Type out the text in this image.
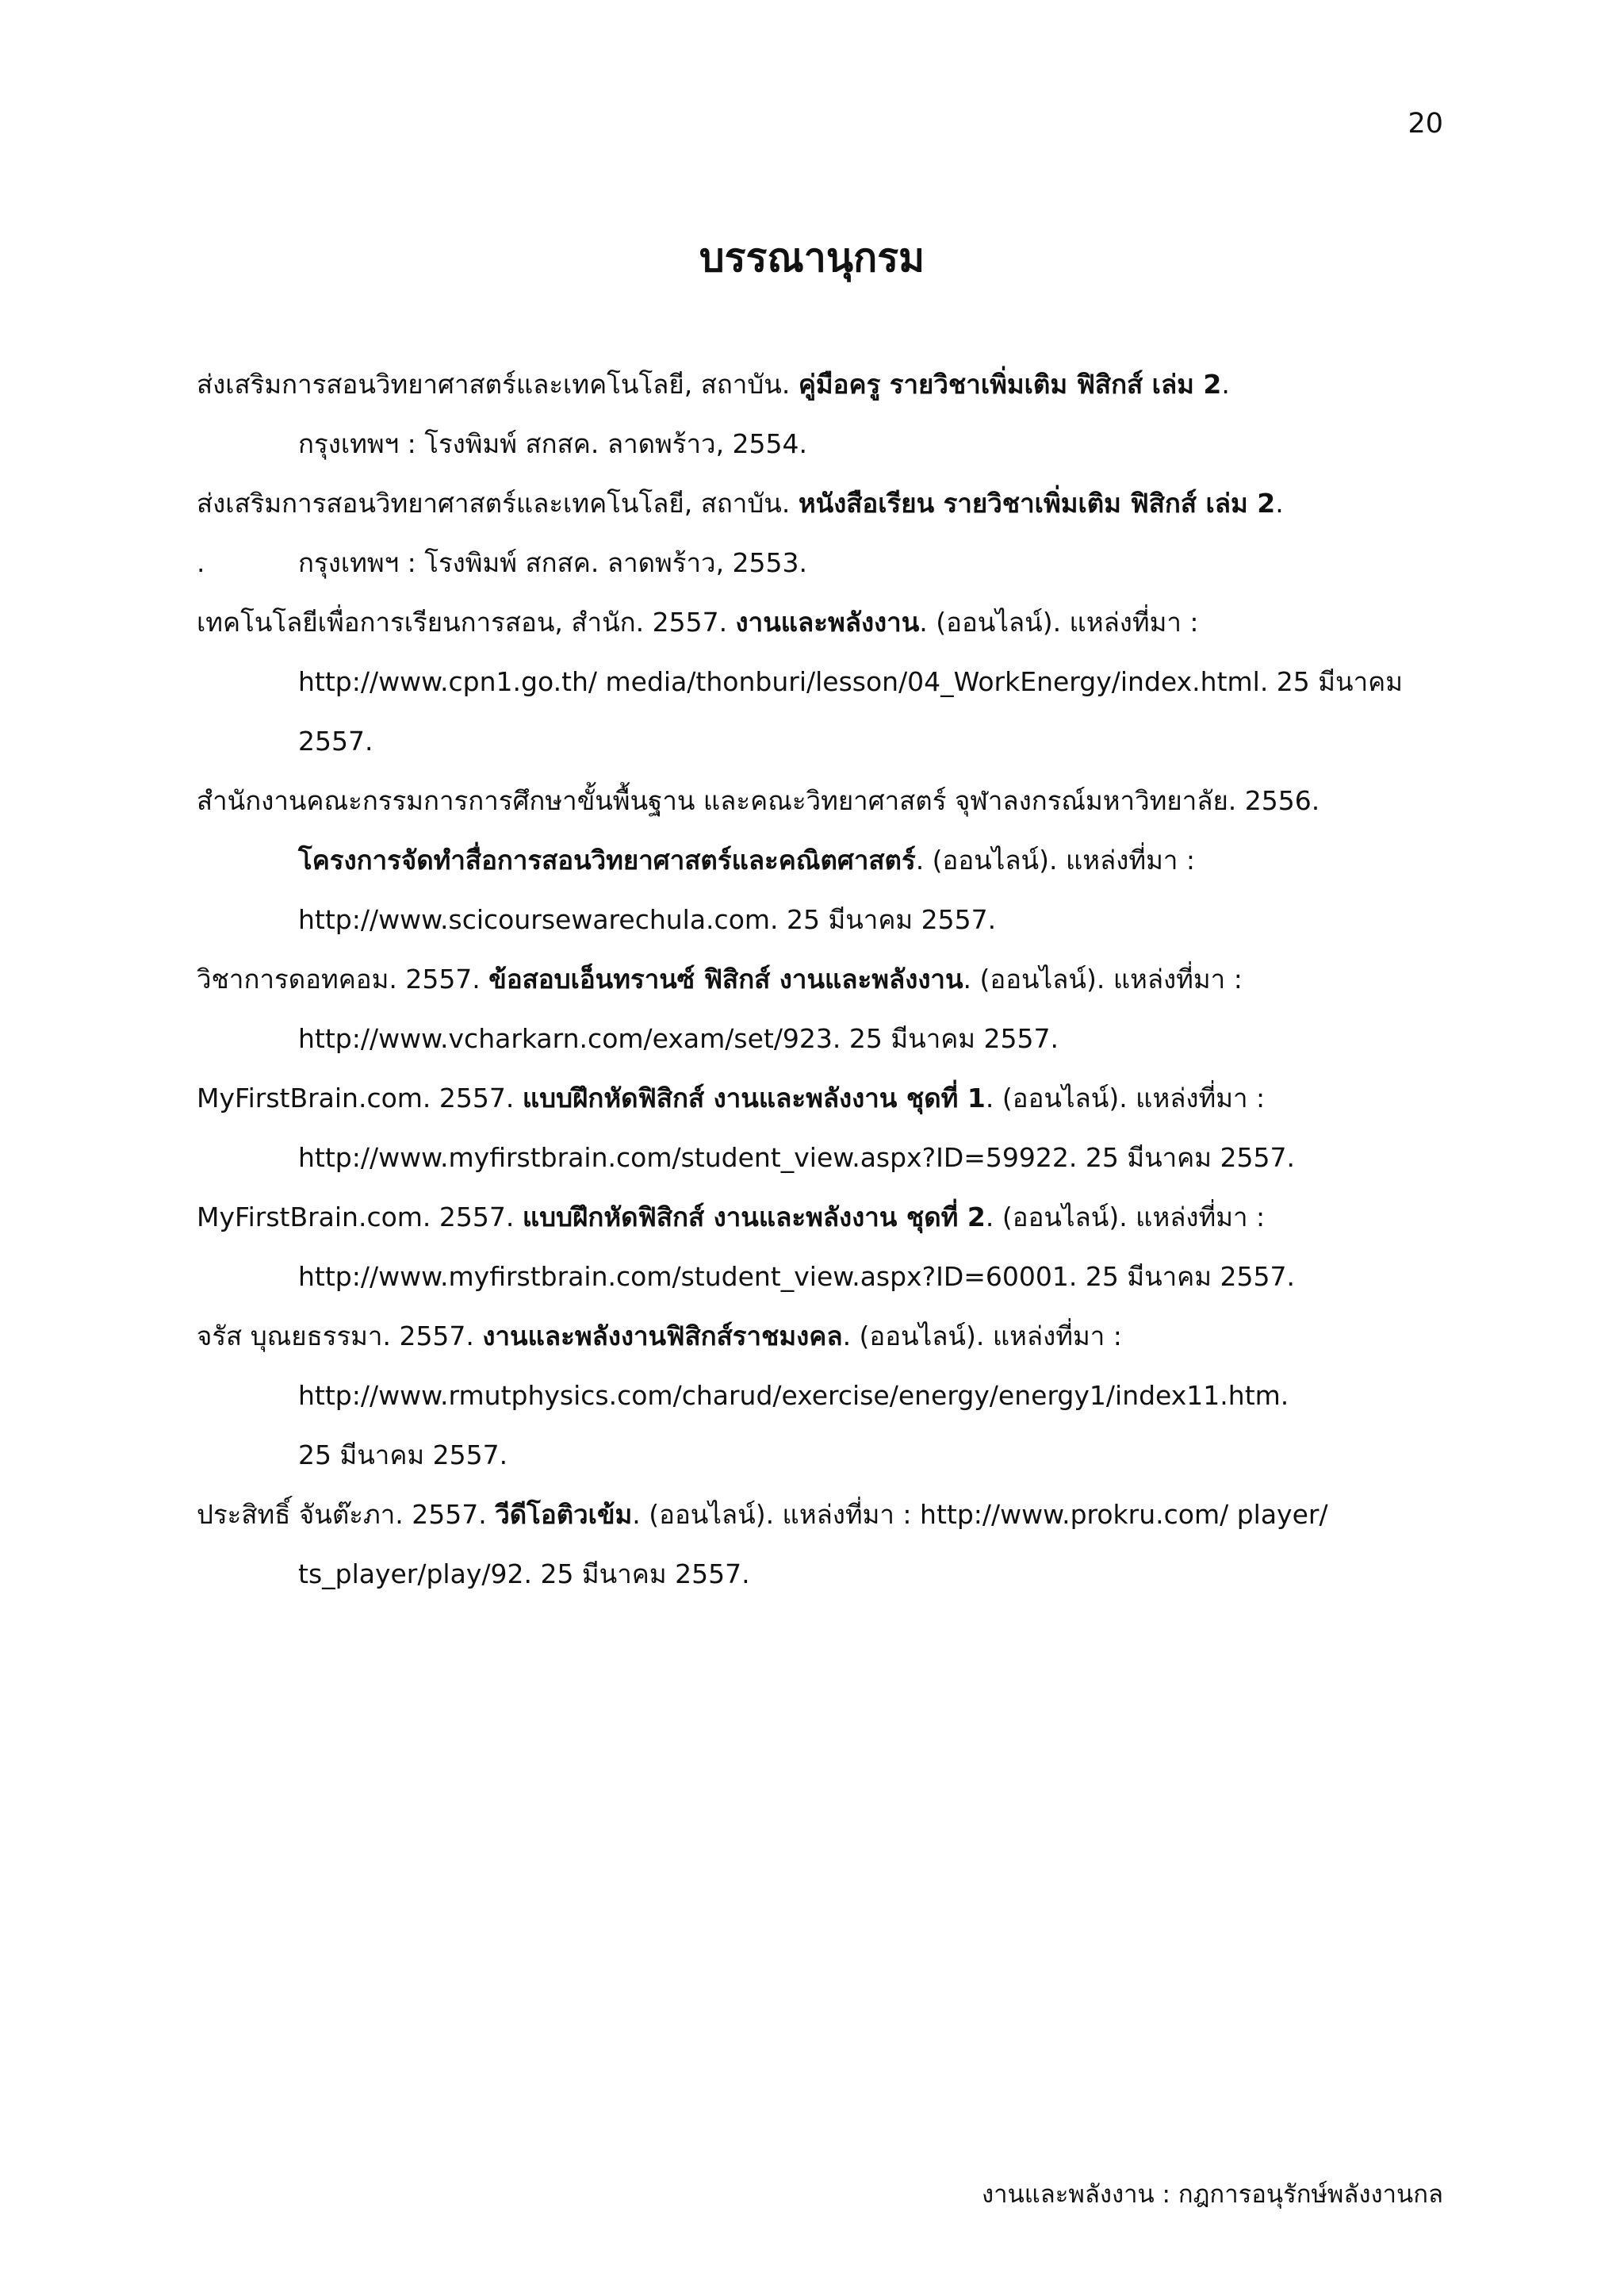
20
บรรณานุกรม
ส่งเสริมการสอนวิทยาศาสตร์และเทคโนโลยี, สถาบัน. คู่มือครู รายวิชาเพิ่มเติม ฟิสิกส์ เล่ม 2.
กรุงเทพฯ : โรงพิมพ์ สกสค. ลาดพร้าว, 2554.
ส่งเสริมการสอนวิทยาศาสตร์และเทคโนโลยี, สถาบัน. หนังสือเรียน รายวิชาเพิ่มเติม ฟิสิกส์ เล่ม 2.
.	กรุงเทพฯ : โรงพิมพ์ สกสค. ลาดพร้าว, 2553.
เทคโนโลยีเพื่อการเรียนการสอน, สำนัก. 2557. งานและพลังงาน. (ออนไลน์). แหล่งที่มา :
http://www.cpn1.go.th/ media/thonburi/lesson/04_WorkEnergy/index.html. 25 มีนาคม
2557.
สำนักงานคณะกรรมการการศึกษาขั้นพื้นฐาน และคณะวิทยาศาสตร์ จุฬาลงกรณ์มหาวิทยาลัย. 2556.
โครงการจัดทำสื่อการสอนวิทยาศาสตร์และคณิตศาสตร์. (ออนไลน์). แหล่งที่มา :
http://www.scicoursewarechula.com. 25 มีนาคม 2557.
วิชาการดอทคอม. 2557. ข้อสอบเอ็นทรานซ์ ฟิสิกส์ งานและพลังงาน. (ออนไลน์). แหล่งที่มา :
http://www.vcharkarn.com/exam/set/923. 25 มีนาคม 2557.
MyFirstBrain.com. 2557. แบบฝึกหัดฟิสิกส์ งานและพลังงาน ชุดที่ 1. (ออนไลน์). แหล่งที่มา :
http://www.myfirstbrain.com/student_view.aspx?ID=59922. 25 มีนาคม 2557.
MyFirstBrain.com. 2557. แบบฝึกหัดฟิสิกส์ งานและพลังงาน ชุดที่ 2. (ออนไลน์). แหล่งที่มา :
http://www.myfirstbrain.com/student_view.aspx?ID=60001. 25 มีนาคม 2557.
จรัส บุณยธรรมา. 2557. งานและพลังงานฟิสิกส์ราชมงคล. (ออนไลน์). แหล่งที่มา :
http://www.rmutphysics.com/charud/exercise/energy/energy1/index11.htm.
25 มีนาคม 2557.
ประสิทธิ์ จันต๊ะภา. 2557. วีดีโอติวเข้ม. (ออนไลน์). แหล่งที่มา : http://www.prokru.com/ player/
ts_player/play/92. 25 มีนาคม 2557.
งานและพลังงาน : กฎการอนุรักษ์พลังงานกล
